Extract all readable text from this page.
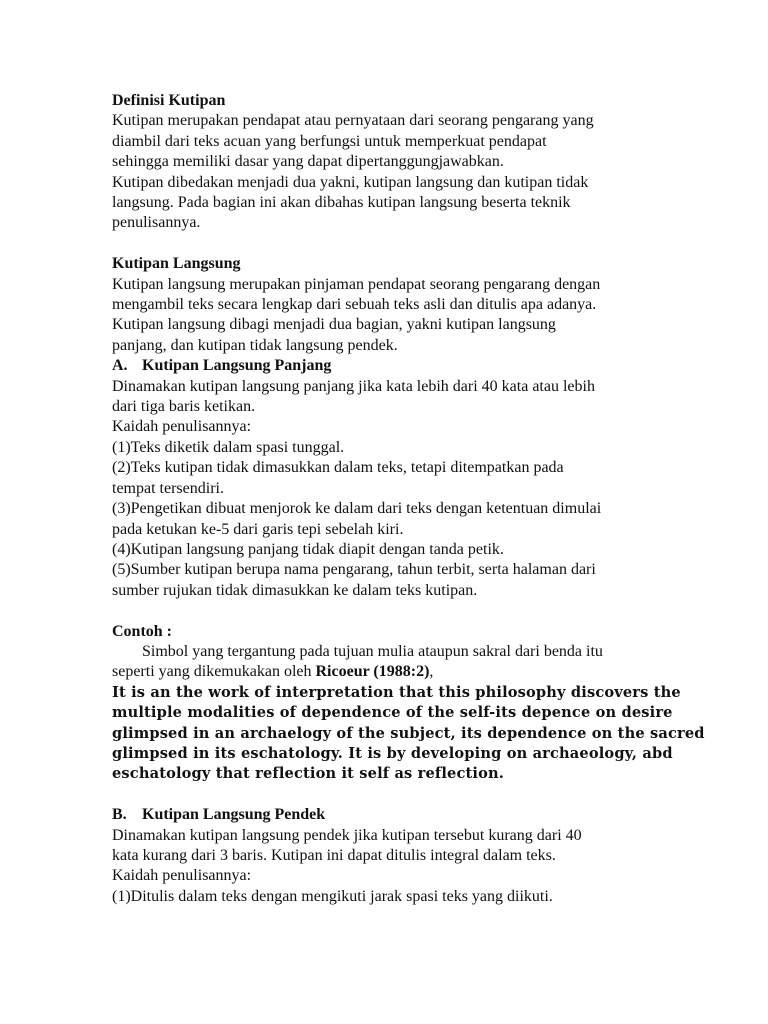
Definisi Kutipan
Kutipan merupakan pendapat atau pernyataan dari seorang pengarang yang
diambil dari teks acuan yang berfungsi untuk memperkuat pendapat
sehingga memiliki dasar yang dapat dipertanggungjawabkan.
Kutipan dibedakan menjadi dua yakni, kutipan langsung dan kutipan tidak
langsung. Pada bagian ini akan dibahas kutipan langsung beserta teknik
penulisannya.
Kutipan Langsung
Kutipan langsung merupakan pinjaman pendapat seorang pengarang dengan
mengambil teks secara lengkap dari sebuah teks asli dan ditulis apa adanya.
Kutipan langsung dibagi menjadi dua bagian, yakni kutipan langsung
panjang, dan kutipan tidak langsung pendek.
A. Kutipan Langsung Panjang
Dinamakan kutipan langsung panjang jika kata lebih dari 40 kata atau lebih
dari tiga baris ketikan.
Kaidah penulisannya:
(1)Teks diketik dalam spasi tunggal.
(2)Teks kutipan tidak dimasukkan dalam teks, tetapi ditempatkan pada
tempat tersendiri.
(3)Pengetikan dibuat menjorok ke dalam dari teks dengan ketentuan dimulai
pada ketukan ke-5 dari garis tepi sebelah kiri.
(4)Kutipan langsung panjang tidak diapit dengan tanda petik.
(5)Sumber kutipan berupa nama pengarang, tahun terbit, serta halaman dari
sumber rujukan tidak dimasukkan ke dalam teks kutipan.
Contoh :
Simbol yang tergantung pada tujuan mulia ataupun sakral dari benda itu
seperti yang dikemukakan oleh Ricoeur (1988:2),
It is an the work of interpretation that this philosophy discovers the
multiple modalities of dependence of the self-its depence on desire
glimpsed in an archaelogy of the subject, its dependence on the sacred
glimpsed in its eschatology. It is by developing on archaeology, abd
eschatology that reflection it self as reflection.
B. Kutipan Langsung Pendek
Dinamakan kutipan langsung pendek jika kutipan tersebut kurang dari 40
kata kurang dari 3 baris. Kutipan ini dapat ditulis integral dalam teks.
Kaidah penulisannya:
(1)Ditulis dalam teks dengan mengikuti jarak spasi teks yang diikuti.
